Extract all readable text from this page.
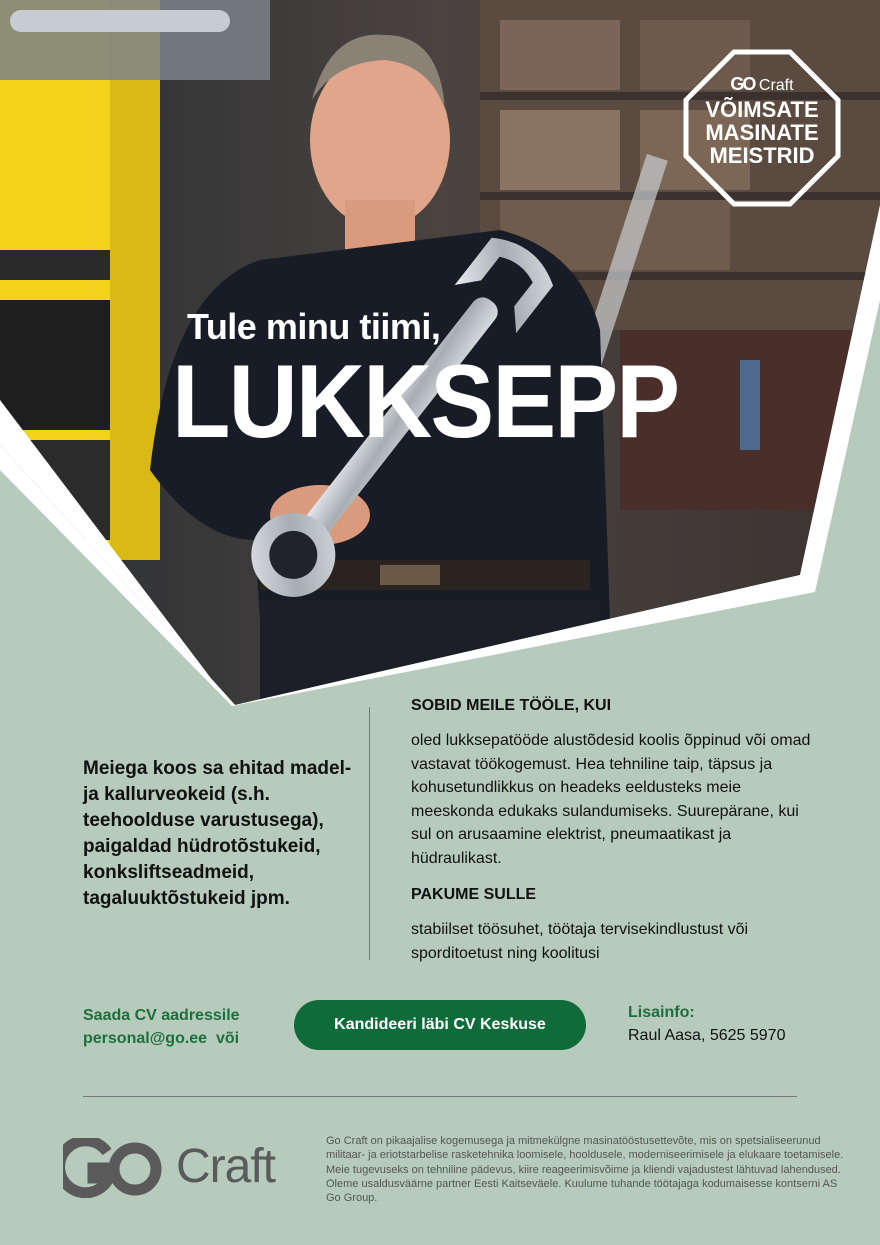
Tule minu tiimi,
LUKKSEPP
GO Craft
VÕIMSATE
MASINATE
MEISTRID
Meiega koos sa ehitad madel- ja kallurveokeid (s.h. teehoolduse varustusega), paigaldad hüdrotõstukeid, konksliftseadmeid, tagaluuktõstukeid jpm.
SOBID MEILE TÖÖLE, KUI
oled lukksepatööde alustõdesid koolis õppinud või omad vastavat töökogemust. Hea tehniline taip, täpsus ja kohusetundlikkus on headeks eeldusteks meie meeskonda edukaks sulandumiseks. Suurepärane, kui sul on arusaamine elektrist, pneumaatikast ja hüdraulikast.
PAKUME SULLE
stabiilset töösuhet, töötaja tervisekindlustust või sporditoetust ning koolitusi
Saada CV aadressile
personal@go.ee  või
Kandideeri läbi CV Keskuse
Lisainfo:
Raul Aasa, 5625 5970
Craft	Go Craft on pikaajalise kogemusega ja mitmekülgne masinatööstusettevõte, mis on spetsialiseerunud militaar- ja eriotstarbelise rasketehnika loomisele, hooldusele, moderniseerimisele ja elukaare toetamisele. Meie tugevuseks on tehniline pädevus, kiire reageerimisvõime ja kliendi vajadustest lähtuvad lahendused. Oleme usaldusväärne partner Eesti Kaitseväele. Kuulume tuhande töötajaga kodumaisesse kontserni AS Go Group.
